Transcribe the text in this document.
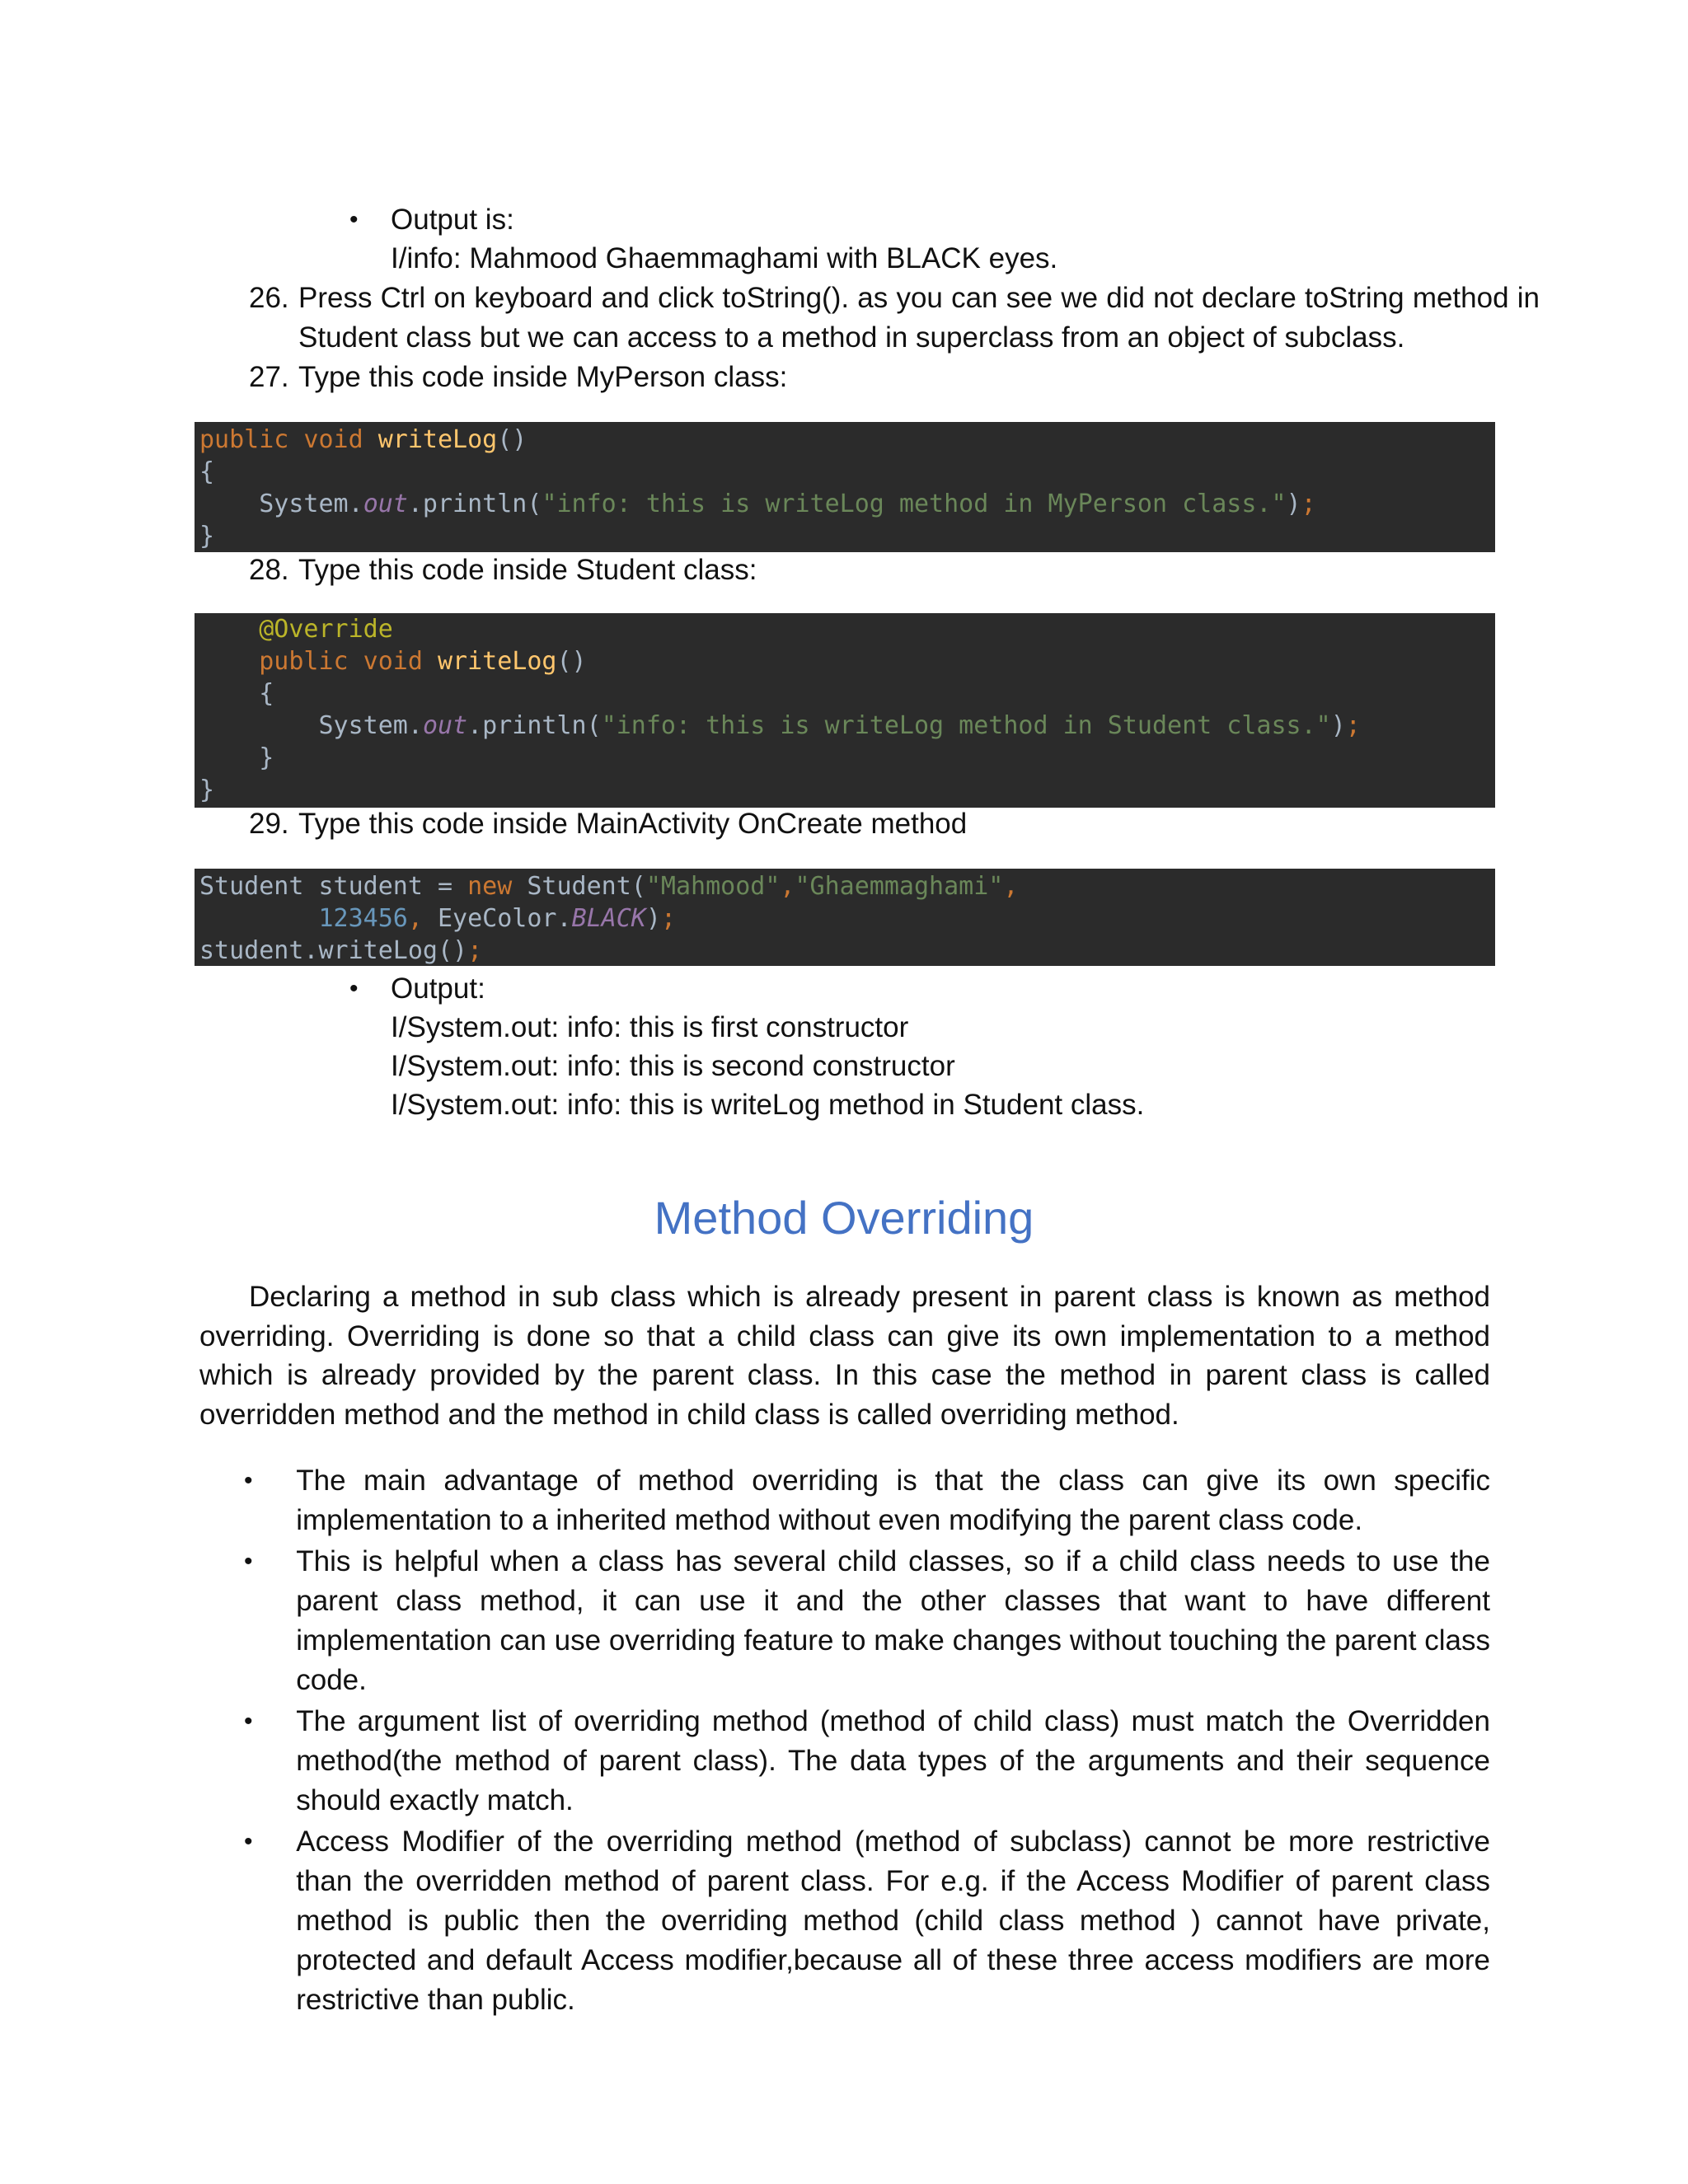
•	Output is:
I/info: Mahmood Ghaemmaghami with BLACK eyes.
26. Press Ctrl on keyboard and click toString(). as you can see we did not declare toString method in Student class but we can access to a method in superclass from an object of subclass.
27. Type this code inside MyPerson class:
public void writeLog()
{
System.out.println("info: this is writeLog method in MyPerson class.");
}
28. Type this code inside Student class:
@Override
public void writeLog()
{
System.out.println("info: this is writeLog method in Student class.");
}
}
29. Type this code inside MainActivity OnCreate method
Student student = new Student("Mahmood","Ghaemmaghami",
123456, EyeColor.BLACK);
student.writeLog();
•	Output:
I/System.out: info: this is first constructor
I/System.out: info: this is second constructor
I/System.out: info: this is writeLog method in Student class.
Method Overriding
Declaring a method in sub class which is already present in parent class is known as method overriding. Overriding is done so that a child class can give its own implementation to a method which is already provided by the parent class. In this case the method in parent class is called overridden method and the method in child class is called overriding method.
•	The main advantage of method overriding is that the class can give its own specific implementation to a inherited method without even modifying the parent class code.
•	This is helpful when a class has several child classes, so if a child class needs to use the parent class method, it can use it and the other classes that want to have different implementation can use overriding feature to make changes without touching the parent class code.
•	The argument list of overriding method (method of child class) must match the Overridden method(the method of parent class). The data types of the arguments and their sequence should exactly match.
•	Access Modifier of the overriding method (method of subclass) cannot be more restrictive than the overridden method of parent class. For e.g. if the Access Modifier of parent class method is public then the overriding method (child class method ) cannot have private, protected and default Access modifier,because all of these three access modifiers are more restrictive than public.
